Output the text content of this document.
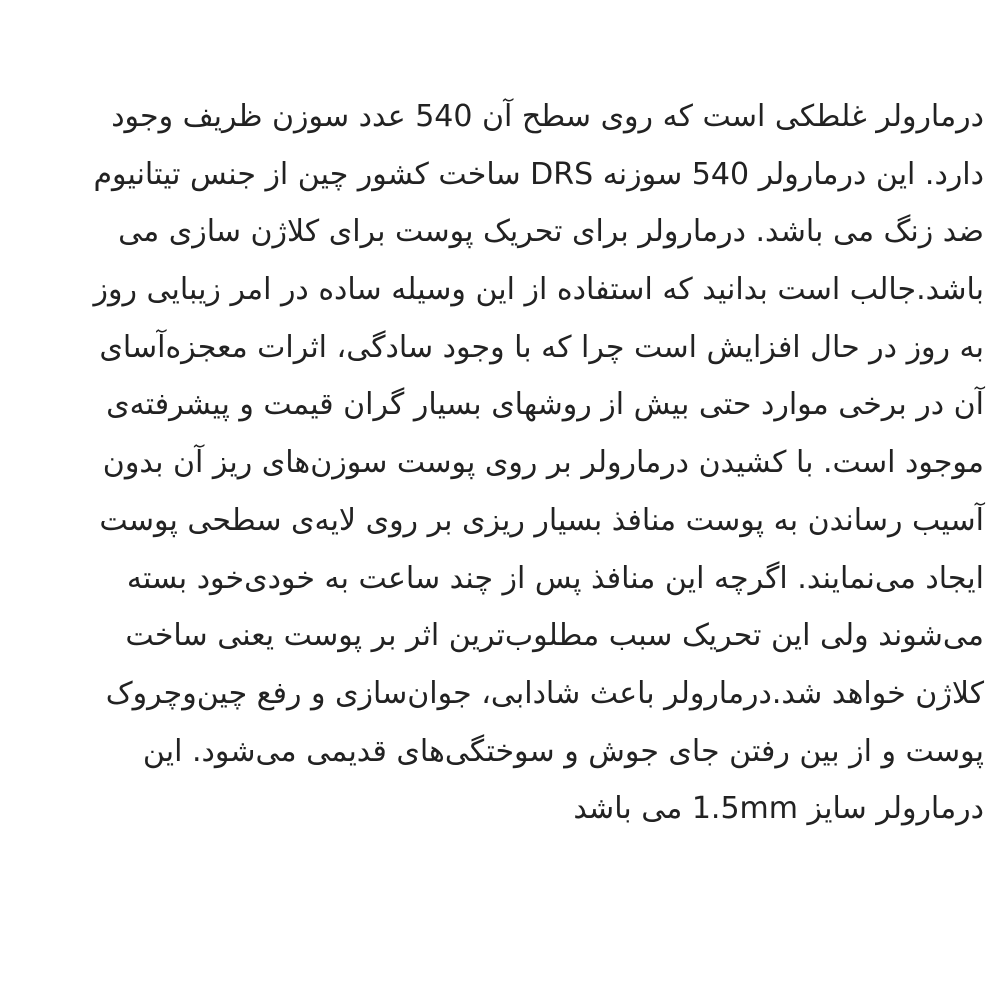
درمارولر غلطکی است که روی سطح آن 540 عدد سوزن ظریف وجود
دارد. این درمارولر 540 سوزنه DRS ساخت کشور چین از جنس تیتانیوم
ضد زنگ می باشد. درمارولر برای تحریک پوست برای کلاژن سازی می
باشد.جالب است بدانید که استفاده از این وسیله ساده در امر زیبایی روز
به روز در حال افزایش است چرا که با وجود سادگی، اثرات معجزه‌آسای
آن در برخی موارد حتی بیش از روشهای بسیار گران قیمت و پیشرفته‌ی
موجود است. با کشیدن درمارولر بر روی پوست سوزن‌های ریز آن بدون
آسیب رساندن به پوست منافذ بسیار ریزی بر روی لایه‌ی سطحی پوست
ایجاد می‌نمایند. اگرچه این منافذ پس از چند ساعت به خودی‌خود بسته
می‌شوند ولی این تحریک سبب مطلوب‌ترین اثر بر پوست یعنی ساخت
کلاژن خواهد شد.درمارولر باعث شادابی، جوان‌سازی و رفع چین‌وچروک
پوست و از بین رفتن جای جوش و سوختگی‌های قدیمی می‌شود. این
درمارولر سایز 1.5mm می باشد
